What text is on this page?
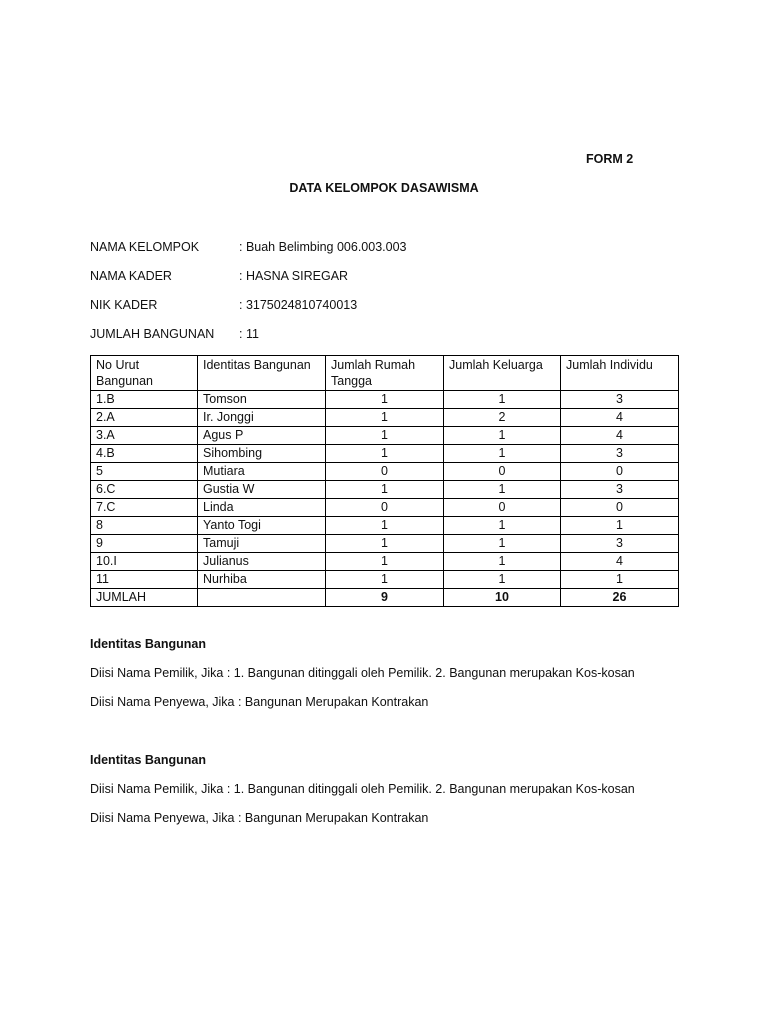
FORM 2
DATA KELOMPOK DASAWISMA
NAMA KELOMPOK	: Buah Belimbing 006.003.003
NAMA KADER	: HASNA SIREGAR
NIK KADER	: 3175024810740013
JUMLAH BANGUNAN : 11
No Urut Bangunan	Identitas Bangunan	Jumlah Rumah Tangga	Jumlah Keluarga	Jumlah Individu
1.B	Tomson	1	1	3
2.A	Ir. Jonggi	1	2	4
3.A	Agus P	1	1	4
4.B	Sihombing	1	1	3
5	Mutiara	0	0	0
6.C	Gustia W	1	1	3
7.C	Linda	0	0	0
8	Yanto Togi	1	1	1
9	Tamuji	1	1	3
10.I	Julianus	1	1	4
11	Nurhiba	1	1	1
JUMLAH		9	10	26
Identitas Bangunan
Diisi Nama Pemilik, Jika : 1. Bangunan ditinggali oleh Pemilik. 2. Bangunan merupakan Kos-kosan
Diisi Nama Penyewa, Jika : Bangunan Merupakan Kontrakan
Identitas Bangunan
Diisi Nama Pemilik, Jika : 1. Bangunan ditinggali oleh Pemilik. 2. Bangunan merupakan Kos-kosan
Diisi Nama Penyewa, Jika : Bangunan Merupakan Kontrakan
